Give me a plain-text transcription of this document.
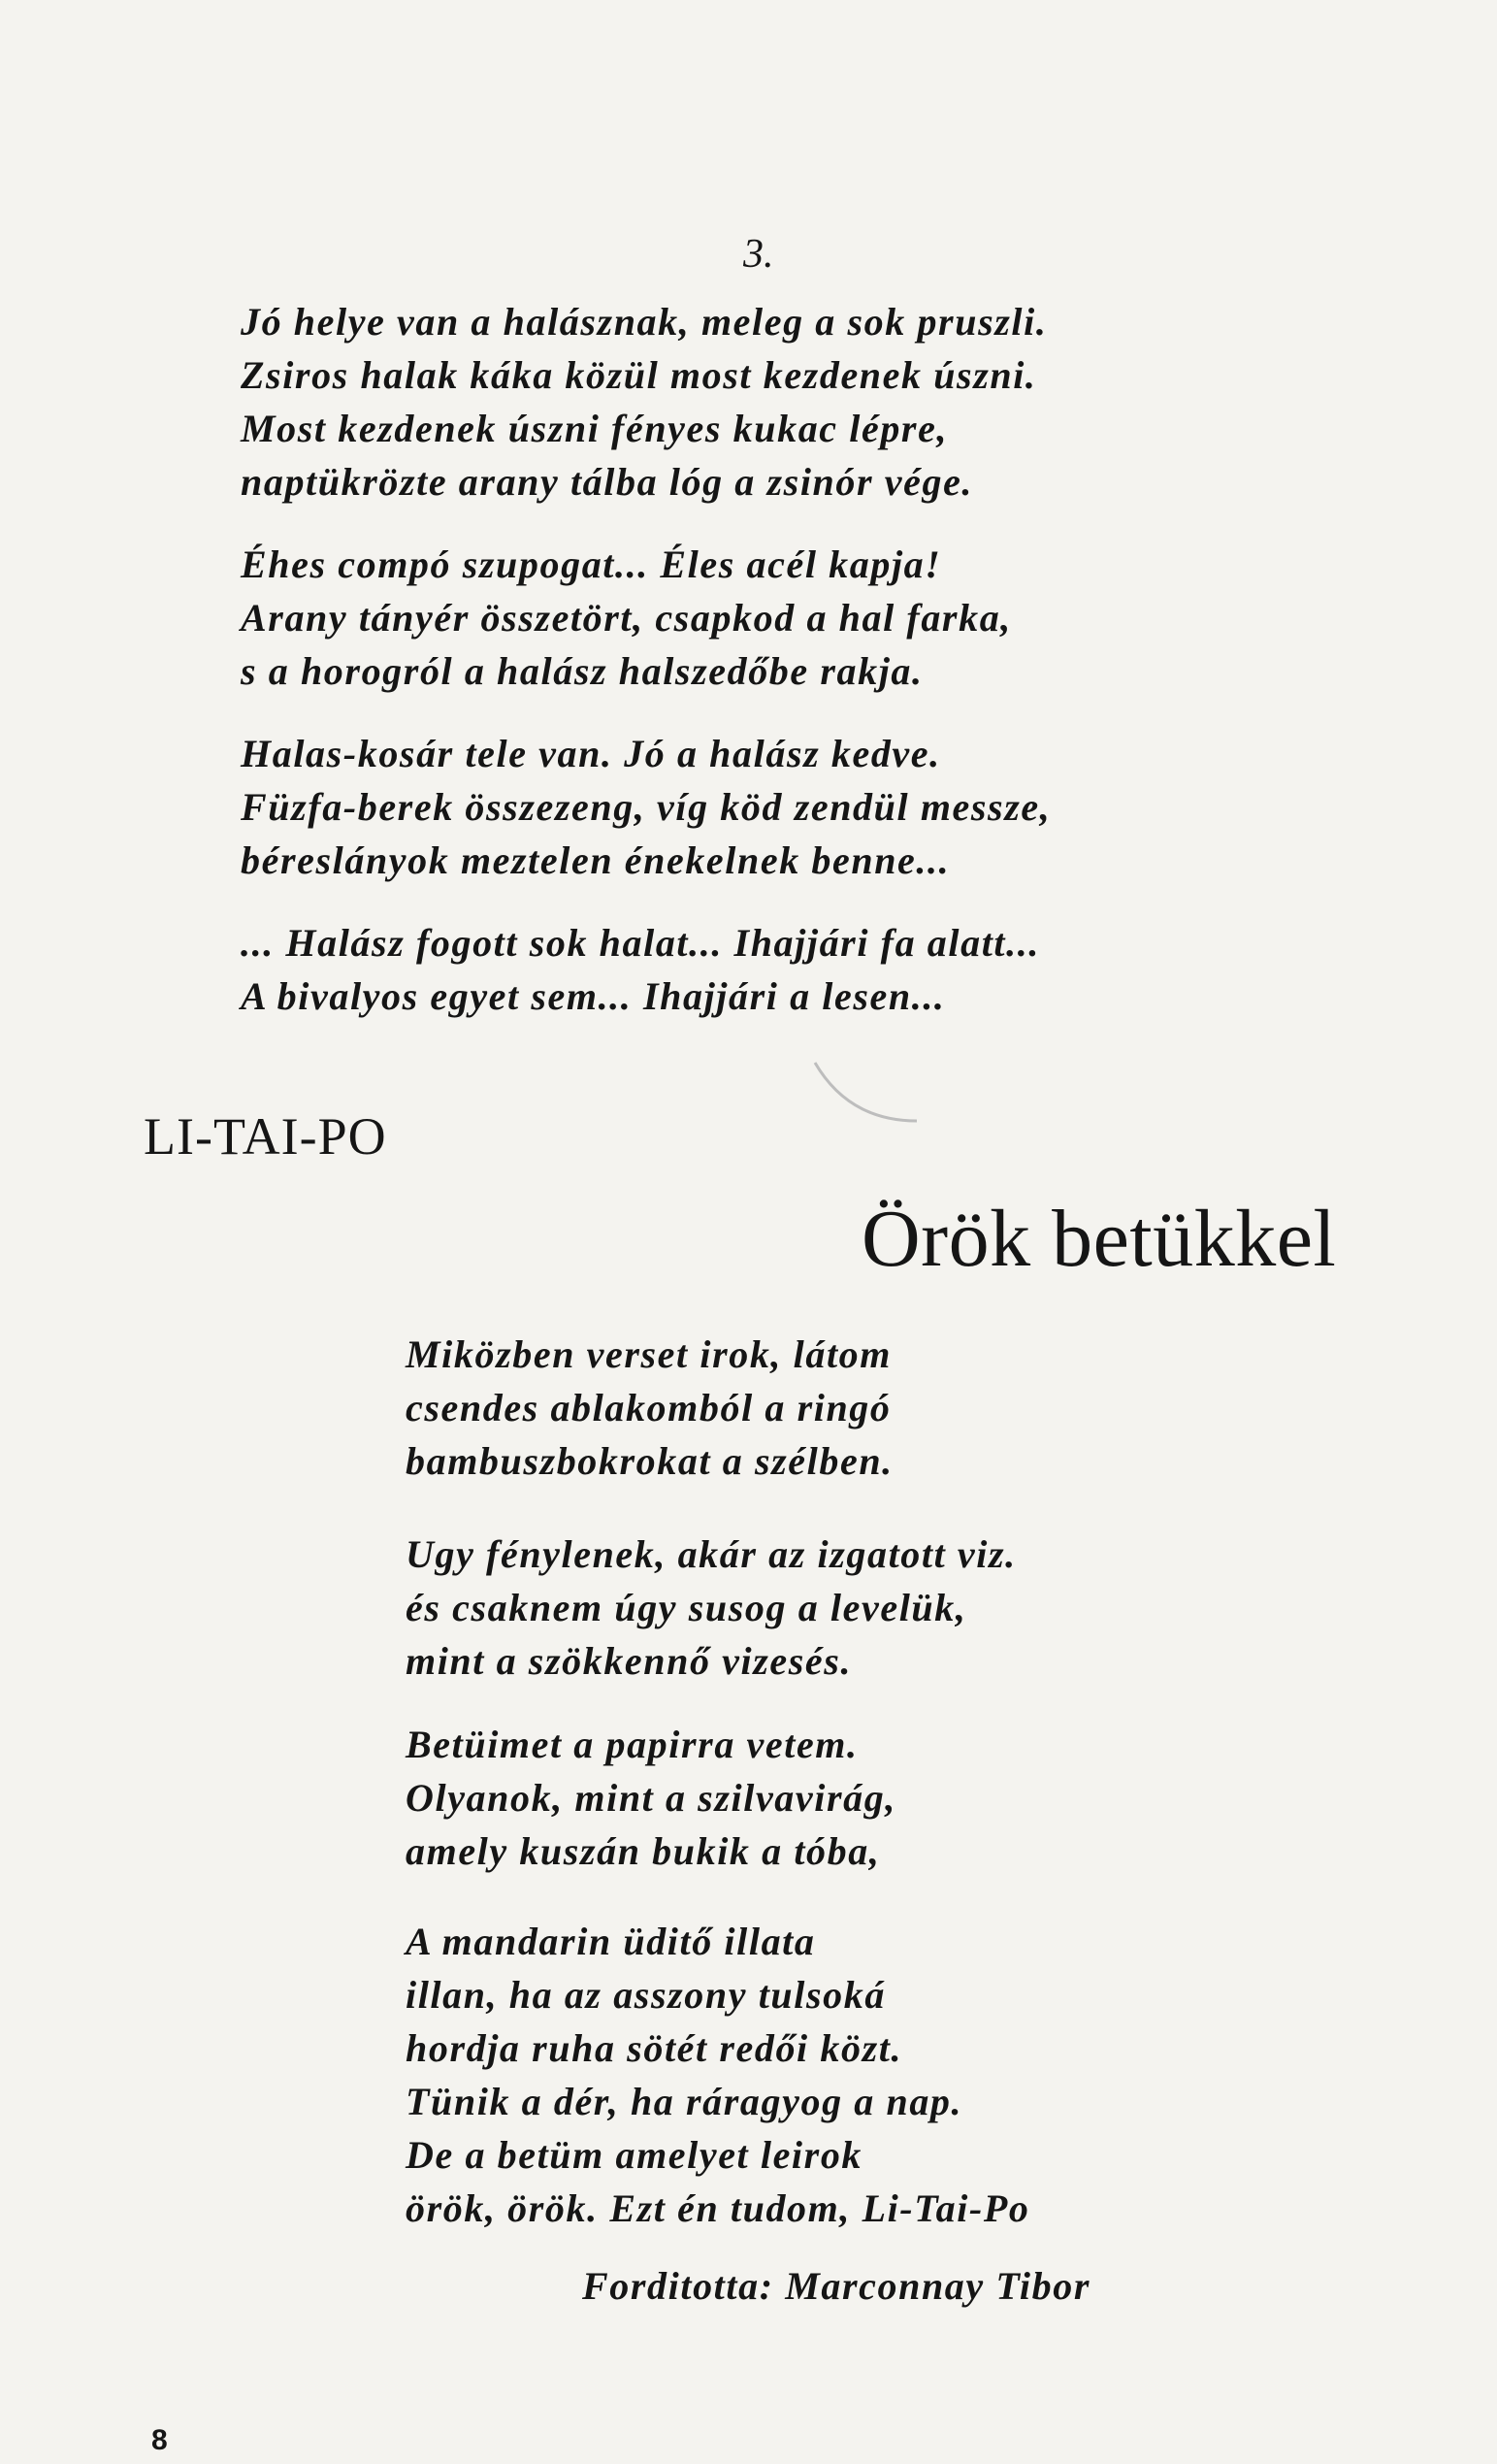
3.
Jó helye van a halásznak, meleg a sok pruszli.
Zsiros halak káka közül most kezdenek úszni.
Most kezdenek úszni fényes kukac lépre,
naptükrözte arany tálba lóg a zsinór vége.
Éhes compó szupogat... Éles acél kapja!
Arany tányér összetört, csapkod a hal farka,
s a horogról a halász halszedőbe rakja.
Halas-kosár tele van. Jó a halász kedve.
Füzfa-berek összezeng, víg köd zendül messze,
béreslányok meztelen énekelnek benne...
... Halász fogott sok halat... Ihajjári fa alatt...
A bivalyos egyet sem... Ihajjári a lesen...
LI-TAI-PO
Örök betükkel
Miközben verset irok, látom
csendes ablakomból a ringó
bambuszbokrokat a szélben.
Ugy fénylenek, akár az izgatott viz.
és csaknem úgy susog a levelük,
mint a szökkennő vizesés.
Betüimet a papirra vetem.
Olyanok, mint a szilvavirág,
amely kuszán bukik a tóba,
A mandarin üditő illata
illan, ha az asszony tulsoká
hordja ruha sötét redői közt.
Tünik a dér, ha ráragyog a nap.
De a betüm amelyet leirok
örök, örök. Ezt én tudom, Li-Tai-Po
Forditotta: Marconnay Tibor
8
